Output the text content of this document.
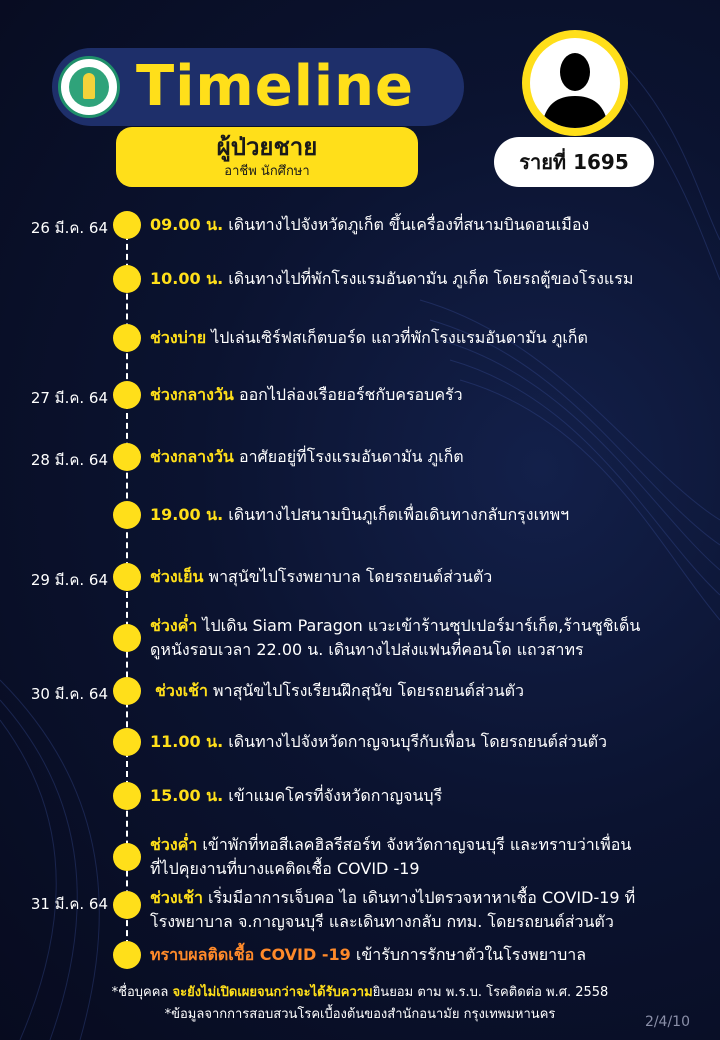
Timeline
ผู้ป่วยชาย
อาชีพ นักศึกษา	รายที่ 1695
26 มี.ค. 64	09.00 น. เดินทางไปจังหวัดภูเก็ต ขึ้นเครื่องที่สนามบินดอนเมือง
10.00 น. เดินทางไปที่พักโรงแรมอันดามัน ภูเก็ต โดยรถตู้ของโรงแรม
ช่วงบ่าย ไปเล่นเซิร์ฟสเก็ตบอร์ด แถวที่พักโรงแรมอันดามัน ภูเก็ต
27 มี.ค. 64	ช่วงกลางวัน ออกไปล่องเรือยอร์ชกับครอบครัว
28 มี.ค. 64	ช่วงกลางวัน อาศัยอยู่ที่โรงแรมอันดามัน ภูเก็ต
19.00 น. เดินทางไปสนามบินภูเก็ตเพื่อเดินทางกลับกรุงเทพฯ
29 มี.ค. 64	ช่วงเย็น พาสุนัขไปโรงพยาบาล โดยรถยนต์ส่วนตัว
ช่วงค่ำ ไปเดิน Siam Paragon แวะเข้าร้านซุปเปอร์มาร์เก็ต,ร้านซูชิเด็น
ดูหนังรอบเวลา 22.00 น. เดินทางไปส่งแฟนที่คอนโด แถวสาทร
30 มี.ค. 64	ช่วงเช้า พาสุนัขไปโรงเรียนฝึกสุนัข โดยรถยนต์ส่วนตัว
11.00 น. เดินทางไปจังหวัดกาญจนบุรีกับเพื่อน โดยรถยนต์ส่วนตัว
15.00 น. เข้าแมคโครที่จังหวัดกาญจนบุรี
ช่วงค่ำ เข้าพักที่ทอสีเลคฮิลรีสอร์ท จังหวัดกาญจนบุรี และทราบว่าเพื่อน
ที่ไปคุยงานที่บางแคติดเชื้อ COVID -19
31 มี.ค. 64	ช่วงเช้า เริ่มมีอาการเจ็บคอ ไอ เดินทางไปตรวจหาหาเชื้อ COVID-19 ที่
โรงพยาบาล จ.กาญจนบุรี และเดินทางกลับ กทม. โดยรถยนต์ส่วนตัว
ทราบผลติดเชื้อ COVID -19 เข้ารับการรักษาตัวในโรงพยาบาล
*ชื่อบุคคล จะยังไม่เปิดเผยจนกว่าจะได้รับความยินยอม ตาม พ.ร.บ. โรคติดต่อ พ.ศ. 2558
*ข้อมูลจากการสอบสวนโรคเบื้องต้นของสำนักอนามัย กรุงเทพมหานคร	2/4/10
